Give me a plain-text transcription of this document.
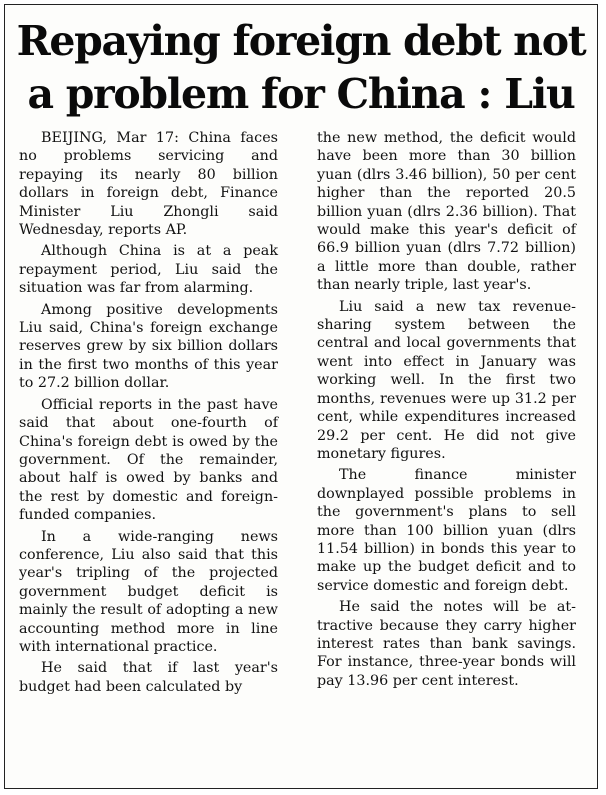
Repaying foreign debt not
a problem for China : Liu

BEIJING, Mar 17: China faces no problems servicing and repaying its nearly 80 billion dollars in foreign debt, Finance Minister Liu Zhongli said Wednesday, reports AP.

Although China is at a peak repayment period, Liu said the situation was far from alarming.

Among positive developments Liu said, China's foreign exchange reserves grew by six billion dollars in the first two months of this year to 27.2 billion dollar.

Official reports in the past have said that about one-fourth of China's foreign debt is owed by the government. Of the remainder, about half is owed by banks and the rest by domestic and foreign-funded companies.

In a wide-ranging news conference, Liu also said that this year's tripling of the projected government budget deficit is mainly the result of adopting a new accounting method more in line with international practice.

He said that if last year's budget had been calculated by

the new method, the deficit would have been more than 30 billion yuan (dlrs 3.46 billion), 50 per cent higher than the reported 20.5 billion yuan (dlrs 2.36 billion). That would make this year's deficit of 66.9 billion yuan (dlrs 7.72 billion) a little more than double, rather than nearly triple, last year's.

Liu said a new tax revenue-sharing system between the central and local governments that went into effect in January was working well. In the first two months, revenues were up 31.2 per cent, while expenditures increased 29.2 per cent. He did not give monetary figures.

The finance minister downplayed possible problems in the government's plans to sell more than 100 billion yuan (dlrs 11.54 billion) in bonds this year to make up the budget deficit and to service domestic and foreign debt.

He said the notes will be attractive because they carry higher interest rates than bank savings. For instance, three-year bonds will pay 13.96 per cent interest.
